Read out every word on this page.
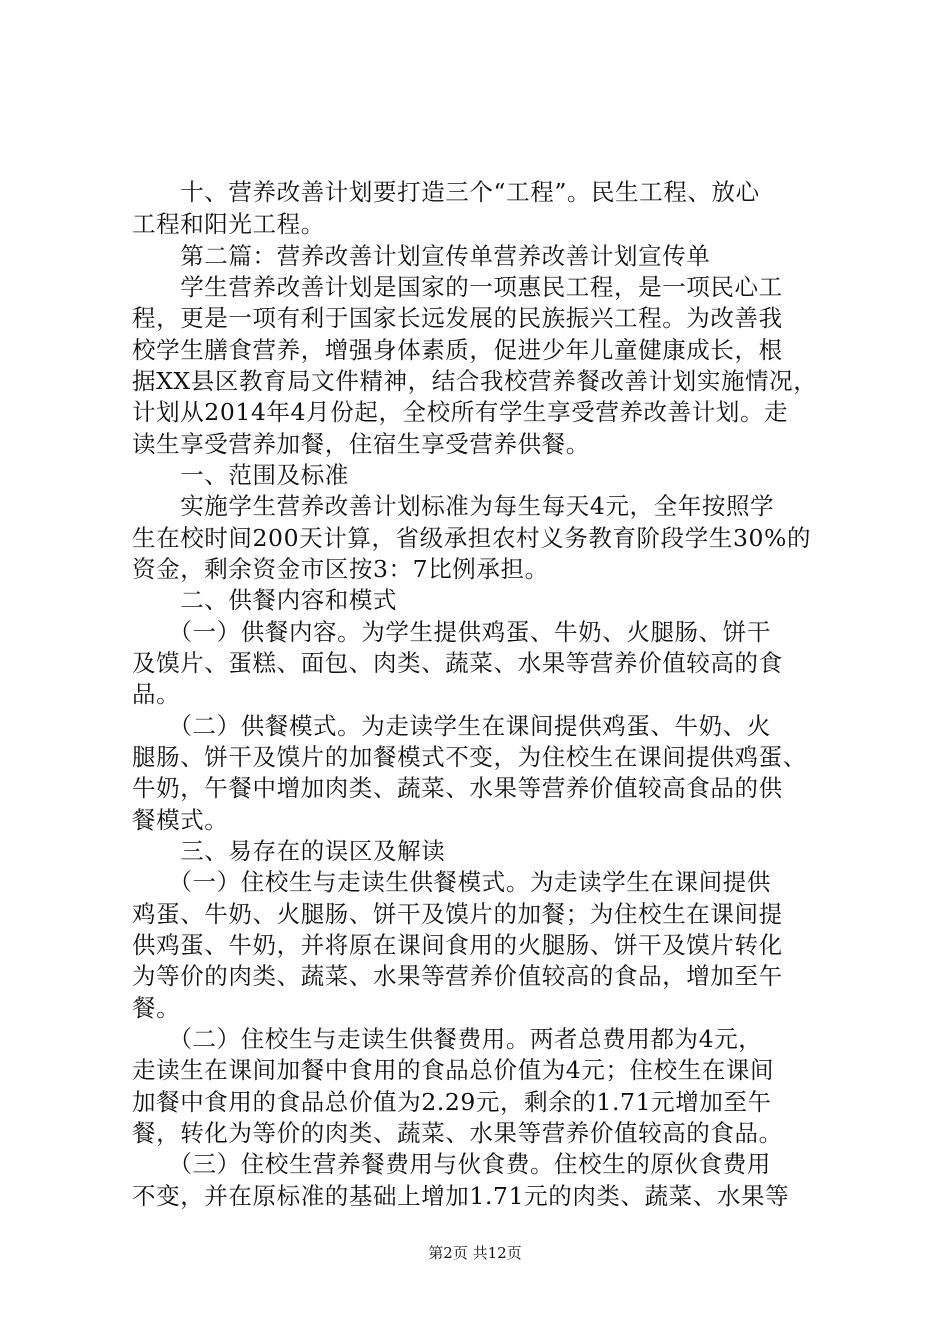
　　十、营养改善计划要打造三个“工程”。民生工程、放心
工程和阳光工程。
　　第二篇：营养改善计划宣传单营养改善计划宣传单
　　学生营养改善计划是国家的一项惠民工程，是一项民心工
程，更是一项有利于国家长远发展的民族振兴工程。为改善我
校学生膳食营养，增强身体素质，促进少年儿童健康成长，根
据XX县区教育局文件精神，结合我校营养餐改善计划实施情况，
计划从2014年4月份起，全校所有学生享受营养改善计划。走
读生享受营养加餐，住宿生享受营养供餐。
　　一、范围及标准
　　实施学生营养改善计划标准为每生每天4元，全年按照学
生在校时间200天计算，省级承担农村义务教育阶段学生30%的
资金，剩余资金市区按3：7比例承担。
　　二、供餐内容和模式
　　（一）供餐内容。为学生提供鸡蛋、牛奶、火腿肠、饼干
及馍片、蛋糕、面包、肉类、蔬菜、水果等营养价值较高的食
品。
　　（二）供餐模式。为走读学生在课间提供鸡蛋、牛奶、火
腿肠、饼干及馍片的加餐模式不变，为住校生在课间提供鸡蛋、
牛奶，午餐中增加肉类、蔬菜、水果等营养价值较高食品的供
餐模式。
　　三、易存在的误区及解读
　　（一）住校生与走读生供餐模式。为走读学生在课间提供
鸡蛋、牛奶、火腿肠、饼干及馍片的加餐；为住校生在课间提
供鸡蛋、牛奶，并将原在课间食用的火腿肠、饼干及馍片转化
为等价的肉类、蔬菜、水果等营养价值较高的食品，增加至午
餐。
　　（二）住校生与走读生供餐费用。两者总费用都为4元，
走读生在课间加餐中食用的食品总价值为4元；住校生在课间
加餐中食用的食品总价值为2.29元，剩余的1.71元增加至午
餐，转化为等价的肉类、蔬菜、水果等营养价值较高的食品。
　　（三）住校生营养餐费用与伙食费。住校生的原伙食费用
不变，并在原标准的基础上增加1.71元的肉类、蔬菜、水果等
第2页 共12页
